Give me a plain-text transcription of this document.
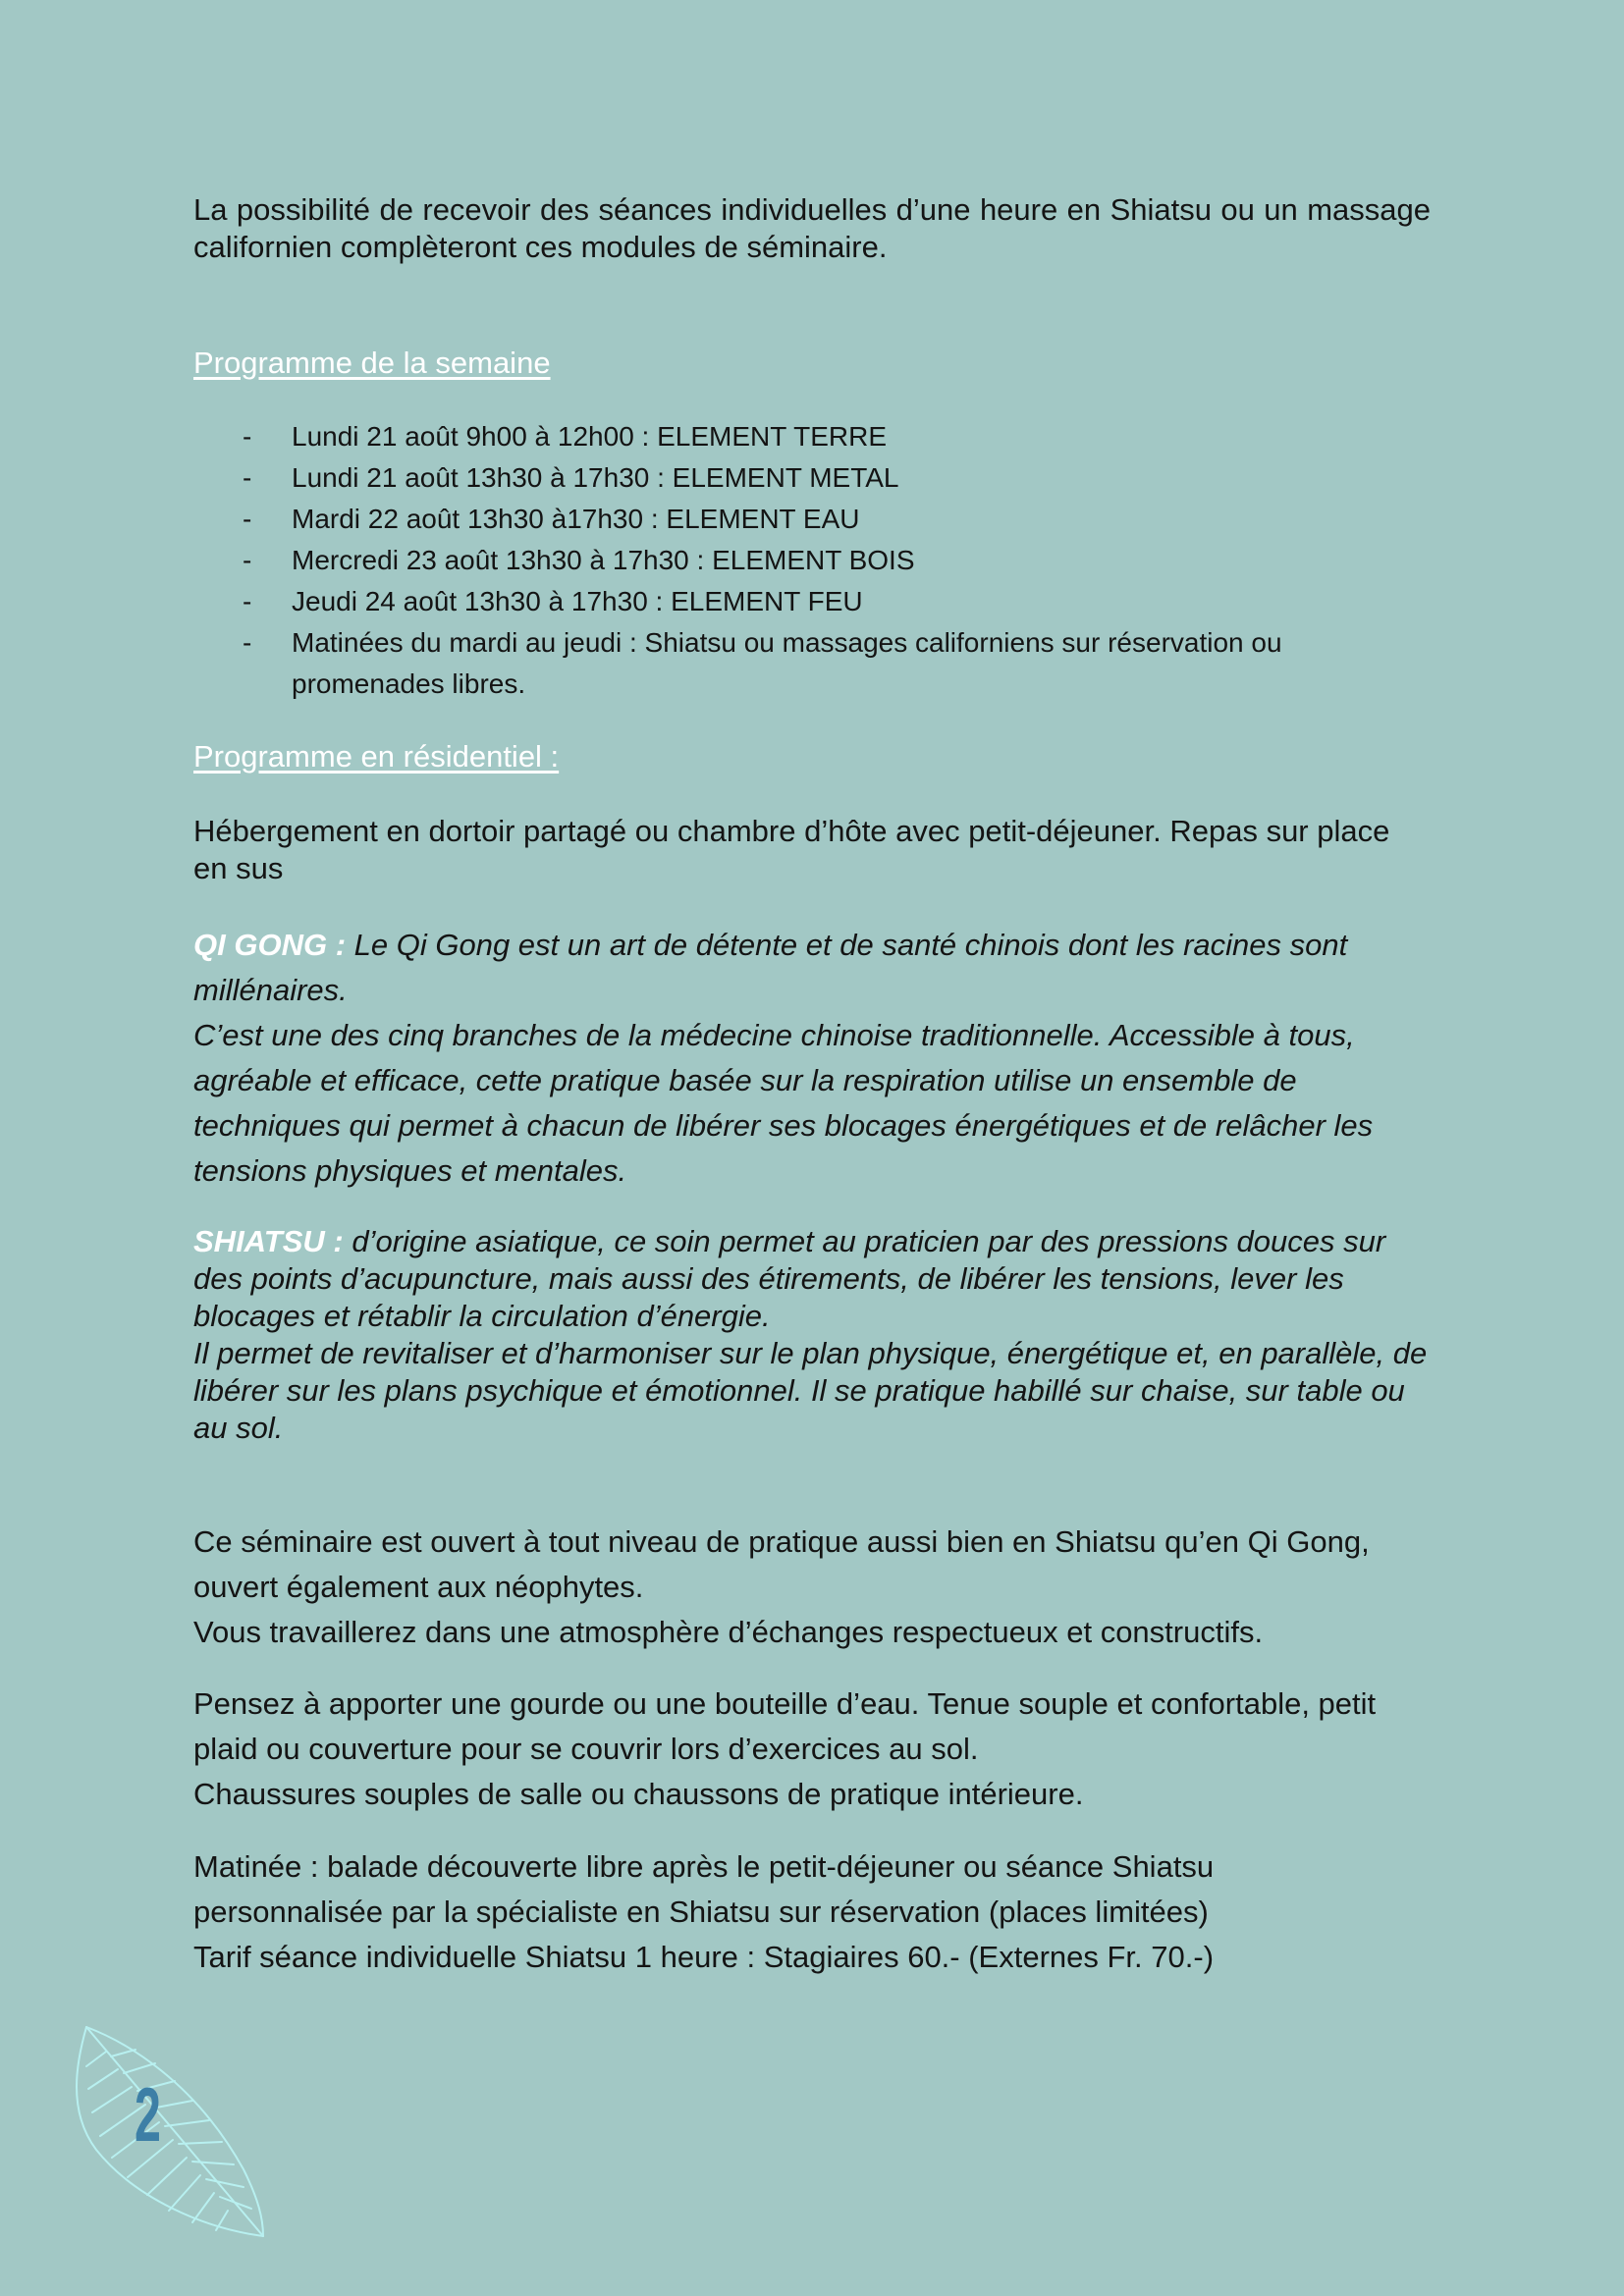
La possibilité de recevoir des séances individuelles d’une heure en Shiatsu ou un massage californien complèteront ces modules de séminaire.

Programme de la semaine

- Lundi 21 août 9h00 à 12h00 : ELEMENT TERRE
- Lundi 21 août 13h30 à 17h30 : ELEMENT METAL
- Mardi 22 août 13h30 à17h30 : ELEMENT EAU
- Mercredi 23 août 13h30 à 17h30 : ELEMENT BOIS
- Jeudi 24 août 13h30 à 17h30 : ELEMENT FEU
- Matinées du mardi au jeudi : Shiatsu ou massages californiens sur réservation ou promenades libres.

Programme en résidentiel :

Hébergement en dortoir partagé ou chambre d’hôte avec petit-déjeuner. Repas sur place en sus

QI GONG : Le Qi Gong est un art de détente et de santé chinois dont les racines sont millénaires.

C’est une des cinq branches de la médecine chinoise traditionnelle. Accessible à tous, agréable et efficace, cette pratique basée sur la respiration utilise un ensemble de techniques qui permet à chacun de libérer ses blocages énergétiques et de relâcher les tensions physiques et mentales.

SHIATSU : d’origine asiatique, ce soin permet au praticien par des pressions douces sur des points d’acupuncture, mais aussi des étirements, de libérer les tensions, lever les blocages et rétablir la circulation d’énergie.

Il permet de revitaliser et d’harmoniser sur le plan physique, énergétique et, en parallèle, de libérer sur les plans psychique et émotionnel. Il se pratique habillé sur chaise, sur table ou au sol.

Ce séminaire est ouvert à tout niveau de pratique aussi bien en Shiatsu qu’en Qi Gong, ouvert également aux néophytes.

Vous travaillerez dans une atmosphère d’échanges respectueux et constructifs.

Pensez à apporter une gourde ou une bouteille d’eau. Tenue souple et confortable, petit plaid ou couverture pour se couvrir lors d’exercices au sol.

Chaussures souples de salle ou chaussons de pratique intérieure.

Matinée : balade découverte libre après le petit-déjeuner ou séance Shiatsu personnalisée par la spécialiste en Shiatsu sur réservation (places limitées)

Tarif séance individuelle Shiatsu 1 heure : Stagiaires 60.- (Externes Fr. 70.-)

2
